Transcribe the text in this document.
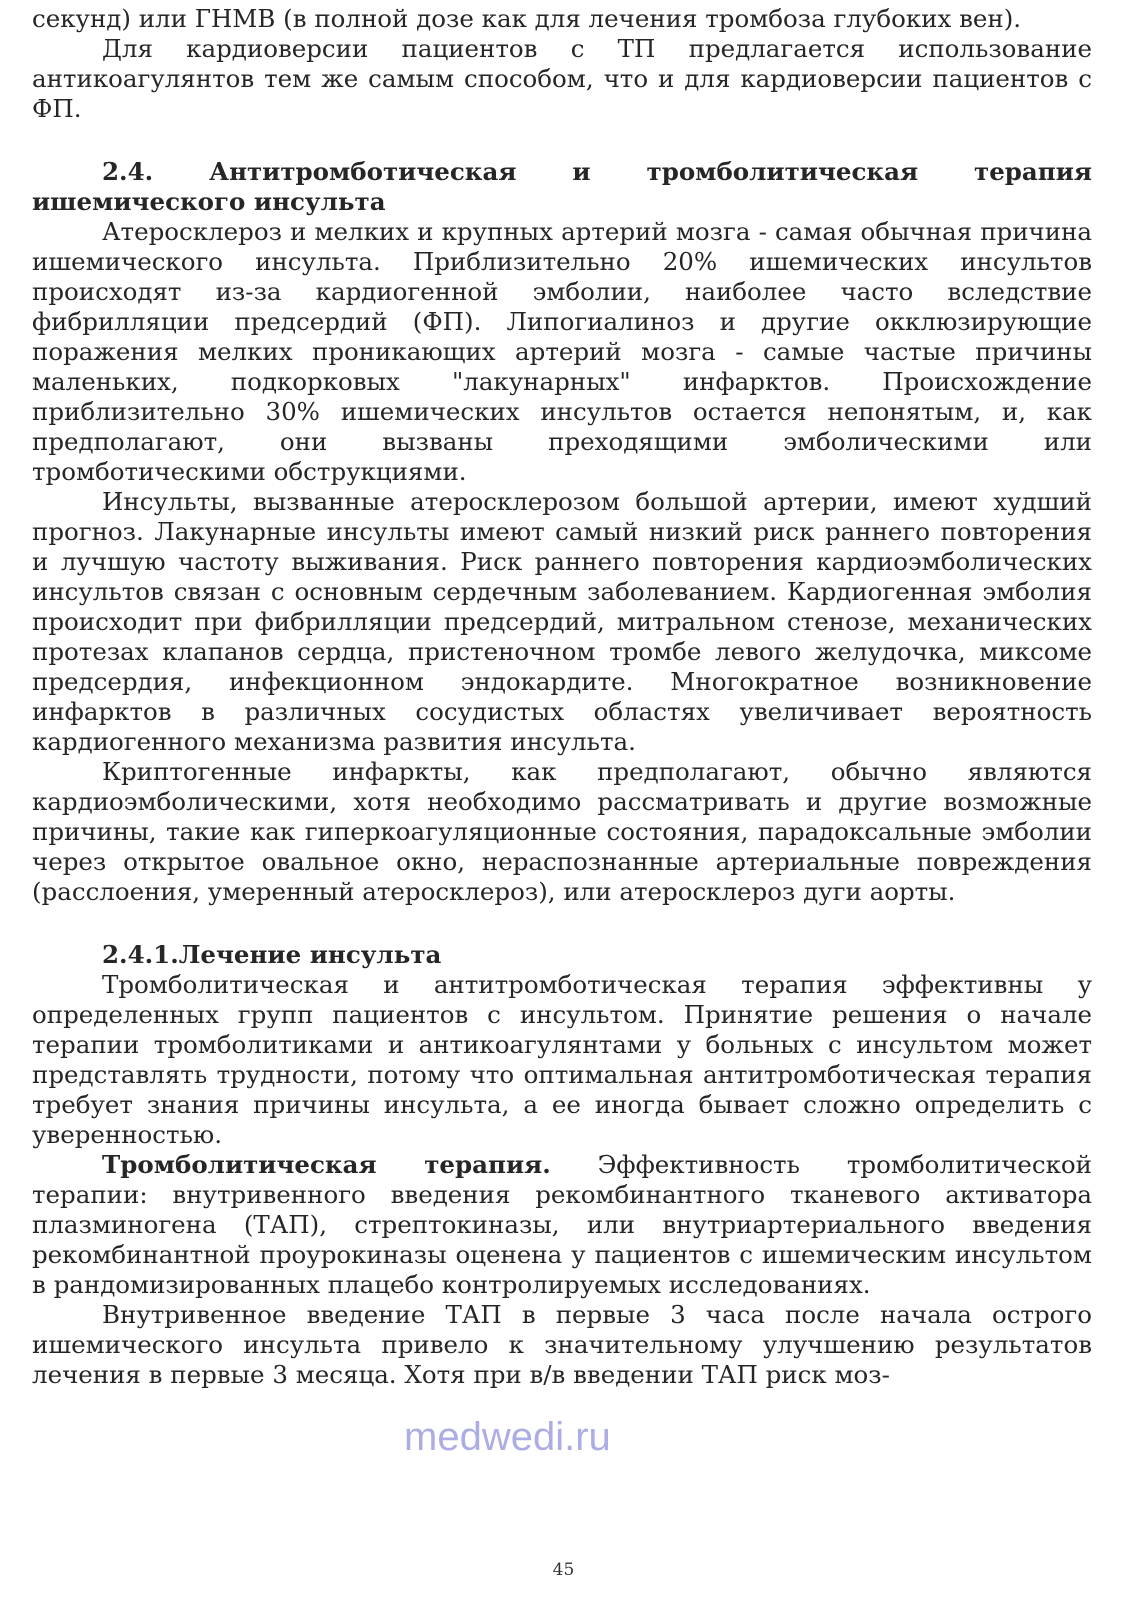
секунд) или ГНМВ (в полной дозе как для лечения тромбоза глубоких вен).

Для кардиоверсии пациентов с ТП предлагается использование антикоагулянтов тем же самым способом, что и для кардиоверсии пациентов с ФП.

2.4. Антитромботическая и тромболитическая терапия ишемического инсульта

Атеросклероз и мелких и крупных артерий мозга - самая обычная причина ишемического инсульта. Приблизительно 20% ишемических инсультов происходят из-за кардиогенной эмболии, наиболее часто вследствие фибрилляции предсердий (ФП). Липогиалиноз и другие окклюзирующие поражения мелких проникающих артерий мозга - самые частые причины маленьких, подкорковых "лакунарных" инфарктов. Происхождение приблизительно 30% ишемических инсультов остается непонятым, и, как предполагают, они вызваны преходящими эмболическими или тромботическими обструкциями.

Инсульты, вызванные атеросклерозом большой артерии, имеют худший прогноз. Лакунарные инсульты имеют самый низкий риск раннего повторения и лучшую частоту выживания. Риск раннего повторения кардиоэмболических инсультов связан с основным сердечным заболеванием. Кардиогенная эмболия происходит при фибрилляции предсердий, митральном стенозе, механических протезах клапанов сердца, пристеночном тромбе левого желудочка, миксоме предсердия, инфекционном эндокардите. Многократное возникновение инфарктов в различных сосудистых областях увеличивает вероятность кардиогенного механизма развития инсульта.

Криптогенные инфаркты, как предполагают, обычно являются кардиоэмболическими, хотя необходимо рассматривать и другие возможные причины, такие как гиперкоагуляционные состояния, парадоксальные эмболии через открытое овальное окно, нераспознанные артериальные повреждения (расслоения, умеренный атеросклероз), или атеросклероз дуги аорты.

2.4.1.Лечение инсульта

Тромболитическая и антитромботическая терапия эффективны у определенных групп пациентов с инсультом. Принятие решения о начале терапии тромболитиками и антикоагулянтами у больных с инсультом может представлять трудности, потому что оптимальная антитромботическая терапия требует знания причины инсульта, а ее иногда бывает сложно определить с уверенностью.

Тромболитическая терапия. Эффективность тромболитической терапии: внутривенного введения рекомбинантного тканевого активатора плазминогена (ТАП), стрептокиназы, или внутриартериального введения рекомбинантной проурокиназы оценена у пациентов с ишемическим инсультом в рандомизированных плацебо контролируемых исследованиях.

Внутривенное введение ТАП в первые 3 часа после начала острого ишемического инсульта привело к значительному улучшению результатов лечения в первые 3 месяца. Хотя при в/в введении ТАП риск моз-

medwedi.ru
45
